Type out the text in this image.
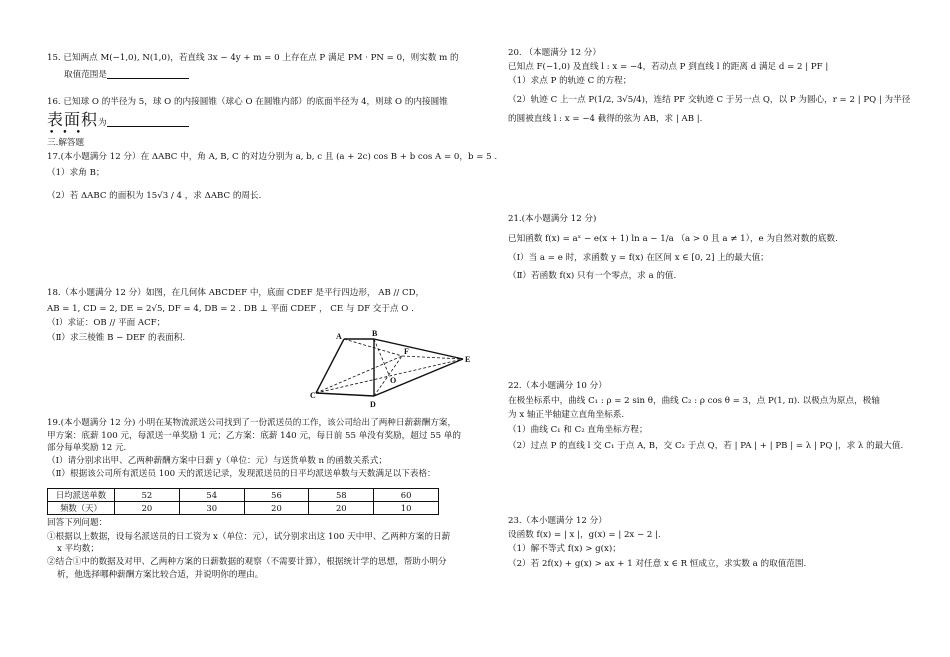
15. 已知两点 M(−1,0), N(1,0)，若直线 3x − 4y + m = 0 上存在点 P 满足 PM · PN = 0，则实数 m 的
取值范围是
16. 已知球 O 的半径为 5，球 O 的内接圆锥（球心 O 在圆锥内部）的底面半径为 4，则球 O 的内接圆锥
表面积为
•••
三.解答题
17.(本小题满分 12 分）在 ΔABC 中，角 A, B, C 的对边分别为 a, b, c 且 (a + 2c) cos B + b cos A = 0，b = 5 .
（1）求角 B；
（2）若 ΔABC 的面积为 15√3 / 4 ，求 ΔABC 的周长.
18.（本小题满分 12 分）如图，在几何体 ABCDEF 中，底面 CDEF 是平行四边形， AB // CD，
AB = 1, CD = 2, DE = 2√5, DF = 4, DB = 2 . DB ⊥ 平面 CDEF ， CE 与 DF 交于点 O .
（Ⅰ）求证：OB // 平面 ACF；
（Ⅱ）求三棱锥 B − DEF 的表面积.
19.(本小题满分 12 分) 小明在某物流派送公司找到了一份派送员的工作，该公司给出了两种日薪薪酬方案，
甲方案：底薪 100 元，每派送一单奖励 1 元；乙方案：底薪 140 元，每日前 55 单没有奖励，超过 55 单的
部分每单奖励 12 元.
（Ⅰ）请分别求出甲、乙两种薪酬方案中日薪 y（单位：元）与送货单数 n 的函数关系式；
（Ⅱ）根据该公司所有派送员 100 天的派送记录，发现派送员的日平均派送单数与天数满足以下表格：
日均派送单数	52	54	56	58	60
频数（天）	20	30	20	20	10
回答下列问题：
①根据以上数据，设每名派送员的日工资为 x（单位：元），试分别求出这 100 天中甲、乙两种方案的日薪
x 平均数；
②结合①中的数据及对甲、乙两种方案的日薪数据的观察（不需要计算），根据统计学的思想，帮助小明分
析，他选择哪种薪酬方案比较合适，并说明你的理由。
A	B
C
D
E
F
O
20. （本题满分 12 分）
已知点 F(−1,0) 及直线 l : x = −4，若动点 P 到直线 l 的距离 d 满足 d = 2 | PF |
（1）求点 P 的轨迹 C 的方程；
（2）轨迹 C 上一点 P(1/2, 3√5/4)，连结 PF 交轨迹 C 于另一点 Q，以 P 为圆心，r = 2 | PQ | 为半径
的圆被直线 l : x = −4 截得的弦为 AB，求 | AB |.
21.(本小题满分 12 分)
已知函数 f(x) = aˣ − e(x + 1) ln a − 1/a （a > 0 且 a ≠ 1），e 为自然对数的底数.
（Ⅰ）当 a = e 时，求函数 y = f(x) 在区间 x ∈ [0, 2] 上的最大值；
（Ⅱ）若函数 f(x) 只有一个零点，求 a 的值.
22.（本小题满分 10 分）
在极坐标系中，曲线 C₁ : ρ = 2 sin θ，曲线 C₂ : ρ cos θ = 3，点 P(1, π). 以极点为原点，极轴
为 x 轴正半轴建立直角坐标系.
（1）曲线 C₁ 和 C₂ 直角坐标方程；
（2）过点 P 的直线 l 交 C₁ 于点 A, B，交 C₂ 于点 Q，若 | PA | + | PB | = λ | PQ |，求 λ 的最大值.
23.（本小题满分 12 分）
设函数 f(x) = | x |，g(x) = | 2x − 2 |.
（1）解不等式 f(x) > g(x)；
（2）若 2f(x) + g(x) > ax + 1 对任意 x ∈ R 恒成立，求实数 a 的取值范围.
